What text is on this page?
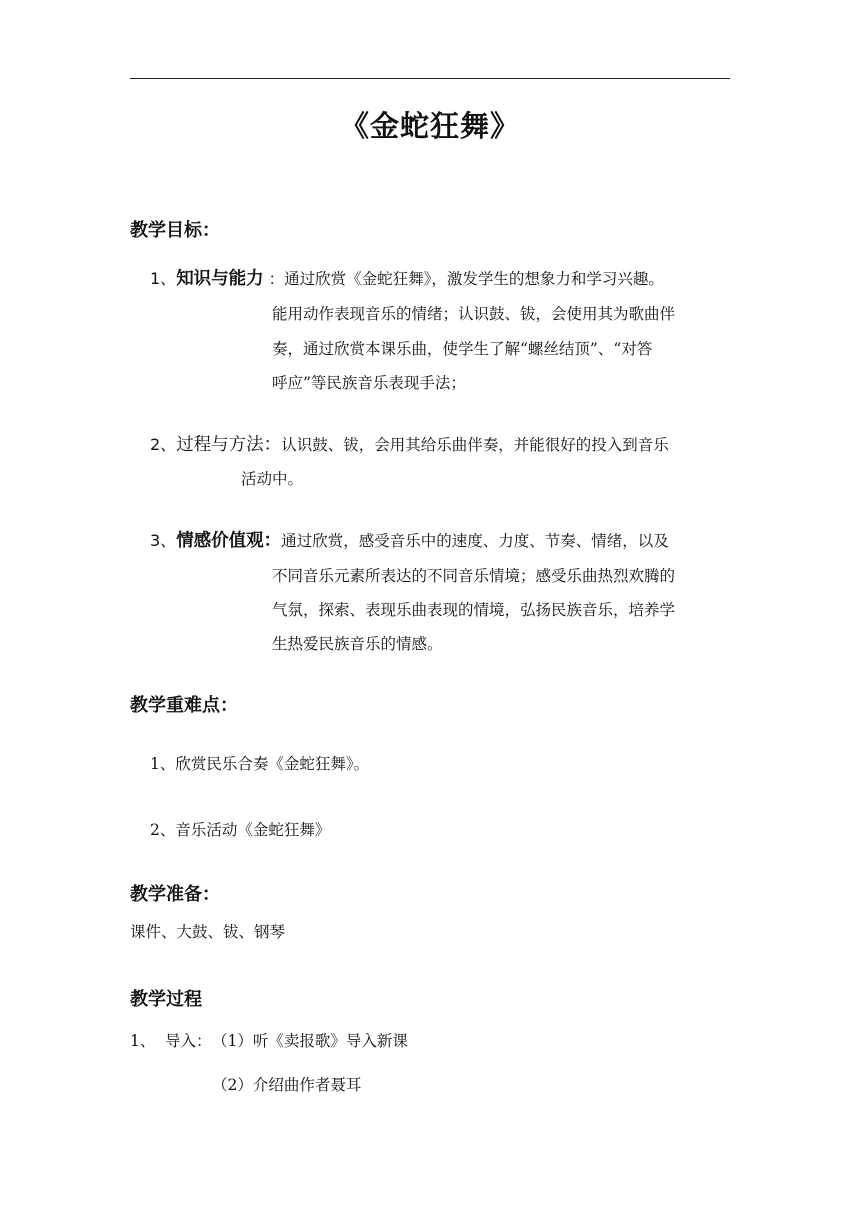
《金蛇狂舞》
教学目标：
1、知识与能力 ：通过欣赏《金蛇狂舞》，激发学生的想象力和学习兴趣。
能用动作表现音乐的情绪；认识鼓、钹，会使用其为歌曲伴
奏，通过欣赏本课乐曲，使学生了解“螺丝结顶”、“对答
呼应”等民族音乐表现手法；
2、过程与方法：认识鼓、钹，会用其给乐曲伴奏，并能很好的投入到音乐
活动中。
3、情感价值观：通过欣赏，感受音乐中的速度、力度、节奏、情绪，以及
不同音乐元素所表达的不同音乐情境；感受乐曲热烈欢腾的
气氛，探索、表现乐曲表现的情境，弘扬民族音乐，培养学
生热爱民族音乐的情感。
教学重难点：
1、欣赏民乐合奏《金蛇狂舞》。
2、音乐活动《金蛇狂舞》
教学准备：
课件、大鼓、钹、钢琴
教学过程
1、 导入： （1）听《卖报歌》导入新课
（2）介绍曲作者聂耳
